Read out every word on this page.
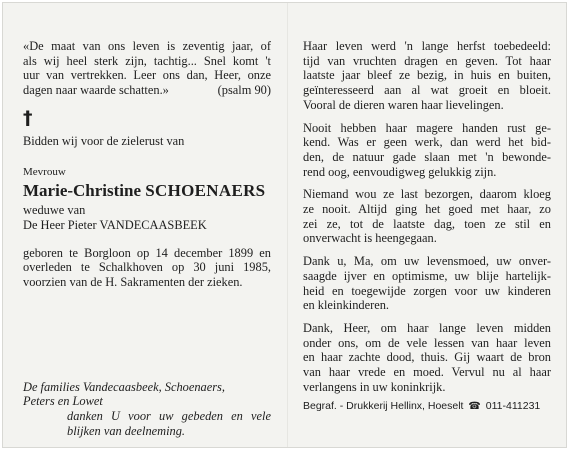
«De maat van ons leven is zeventig jaar, of

als wij heel sterk zijn, tachtig... Snel komt 't

uur van vertrekken. Leer ons dan, Heer, onze

dagen naar waarde schatten.»	(psalm 90)

†

Bidden wij voor de zielerust van

Mevrouw

Marie-Christine SCHOENAERS

weduwe van

De Heer Pieter VANDECAASBEEK

geboren te Borgloon op 14 december 1899 en

overleden te Schalkhoven op 30 juni 1985,

voorzien van de H. Sakramenten der zieken.

De families Vandecaasbeek, Schoenaers,

Peters en Lowet

danken U voor uw gebeden en vele

blijken van deelneming.

Haar leven werd 'n lange herfst toebedeeld:

tijd van vruchten dragen en geven. Tot haar

laatste jaar bleef ze bezig, in huis en buiten,

geïnteresseerd aan al wat groeit en bloeit.

Vooral de dieren waren haar lievelingen.

Nooit hebben haar magere handen rust ge-

kend. Was er geen werk, dan werd het bid-

den, de natuur gade slaan met 'n bewonde-

rend oog, eenvoudigweg gelukkig zijn.

Niemand wou ze last bezorgen, daarom kloeg

ze nooit. Altijd ging het goed met haar, zo

zei ze, tot de laatste dag, toen ze stil en

onverwacht is heengegaan.

Dank u, Ma, om uw levensmoed, uw onver-

saagde ijver en optimisme, uw blije hartelijk-

heid en toegewijde zorgen voor uw kinderen

en kleinkinderen.

Dank, Heer, om haar lange leven midden

onder ons, om de vele lessen van haar leven

en haar zachte dood, thuis. Gij waart de bron

van haar vrede en moed. Vervul nu al haar

verlangens in uw koninkrijk.

Begraf. - Drukkerij Hellinx, Hoeselt ☎ 011-411231
